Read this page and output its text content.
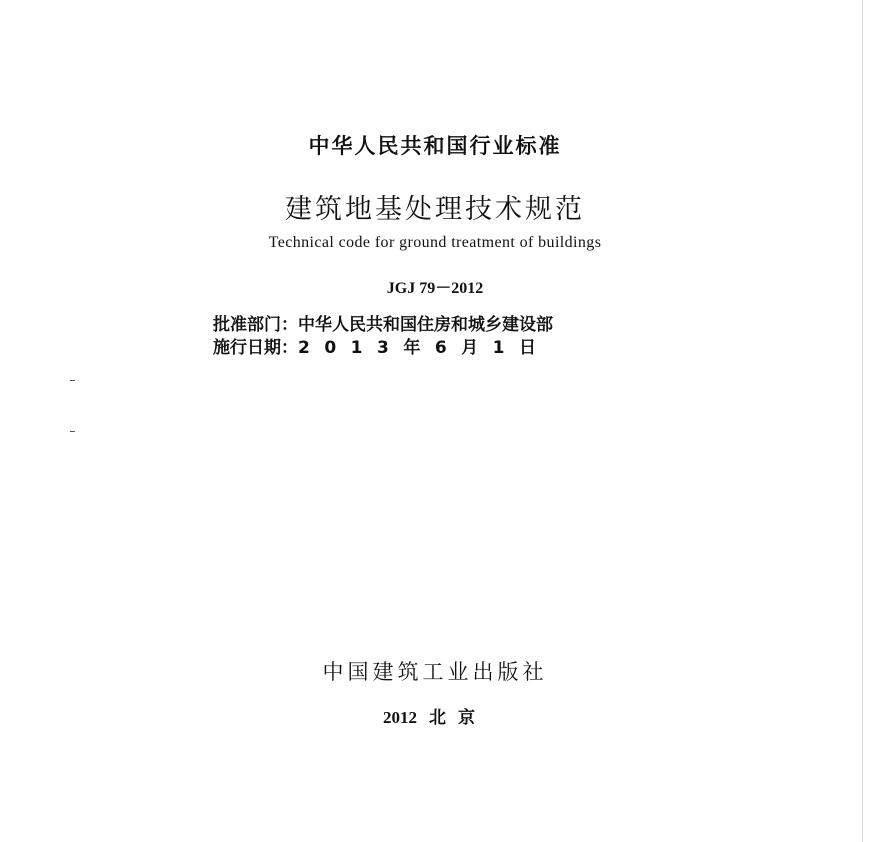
中华人民共和国行业标准
建筑地基处理技术规范
Technical code for ground treatment of buildings
JGJ 79－2012
批准部门：中华人民共和国住房和城乡建设部
施行日期：2013年6月1日
中国建筑工业出版社
2012 北京
